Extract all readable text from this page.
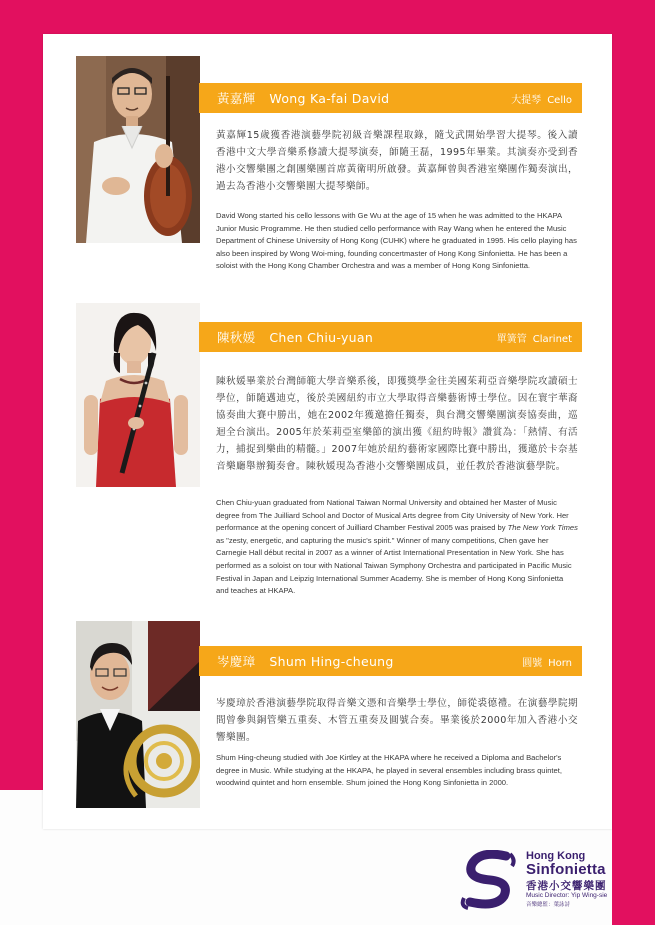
黃嘉輝 Wong Ka-fai David	大提琴 Cello
黃嘉輝15歲獲香港演藝學院初級音樂課程取錄，隨戈武開始學習大提琴。後入讀香港中文大學音樂系修讀大提琴演奏，師隨王磊，1995年畢業。其演奏亦受到香港小交響樂團之創團樂團首席黃衛明所啟發。黃嘉輝曾與香港室樂團作獨奏演出，過去為香港小交響樂團大提琴樂師。
David Wong started his cello lessons with Ge Wu at the age of 15 when he was admitted to the HKAPA Junior Music Programme. He then studied cello performance with Ray Wang when he entered the Music Department of Chinese University of Hong Kong (CUHK) where he graduated in 1995. His cello playing has also been inspired by Wong Woi-ming, founding concertmaster of Hong Kong Sinfonietta. He has been a soloist with the Hong Kong Chamber Orchestra and was a member of Hong Kong Sinfonietta.
陳秋媛 Chen Chiu-yuan	單簧管 Clarinet
陳秋媛畢業於台灣師範大學音樂系後，即獲獎學金往美國茱莉亞音樂學院攻讀碩士學位，師隨邁迪克，後於美國紐約市立大學取得音樂藝術博士學位。因在寰宇華裔協奏曲大賽中勝出，她在2002年獲邀擔任獨奏，與台灣交響樂團演奏協奏曲，巡迴全台演出。2005年於茱莉亞室樂節的演出獲《紐約時報》讚賞為：「熱情、有活力，捕捉到樂曲的精髓。」2007年她於紐約藝術家國際比賽中勝出，獲邀於卡奈基音樂廳舉辦獨奏會。陳秋媛現為香港小交響樂團成員，並任教於香港演藝學院。
Chen Chiu-yuan graduated from National Taiwan Normal University and obtained her Master of Music degree from The Juilliard School and Doctor of Musical Arts degree from City University of New York. Her performance at the opening concert of Juilliard Chamber Festival 2005 was praised by The New York Times as "zesty, energetic, and capturing the music's spirit." Winner of many competitions, Chen gave her Carnegie Hall début recital in 2007 as a winner of Artist International Presentation in New York. She has performed as a soloist on tour with National Taiwan Symphony Orchestra and participated in Pacific Music Festival in Japan and Leipzig International Summer Academy. She is member of Hong Kong Sinfonietta and teaches at HKAPA.
岑慶璋 Shum Hing-cheung	圓號 Horn
岑慶璋於香港演藝學院取得音樂文憑和音樂學士學位，師從裘德禮。在演藝學院期間曾參與銅管樂五重奏、木管五重奏及圓號合奏。畢業後於2000年加入香港小交響樂團。
Shum Hing-cheung studied with Joe Kirtley at the HKAPA where he received a Diploma and Bachelor's degree in Music. While studying at the HKAPA, he played in several ensembles including brass quintet, woodwind quintet and horn ensemble. Shum joined the Hong Kong Sinfonietta in 2000.
Hong Kong
Sinfonietta
香港小交響樂團
Music Director: Yip Wing-sie
音樂總監：葉詠詩
